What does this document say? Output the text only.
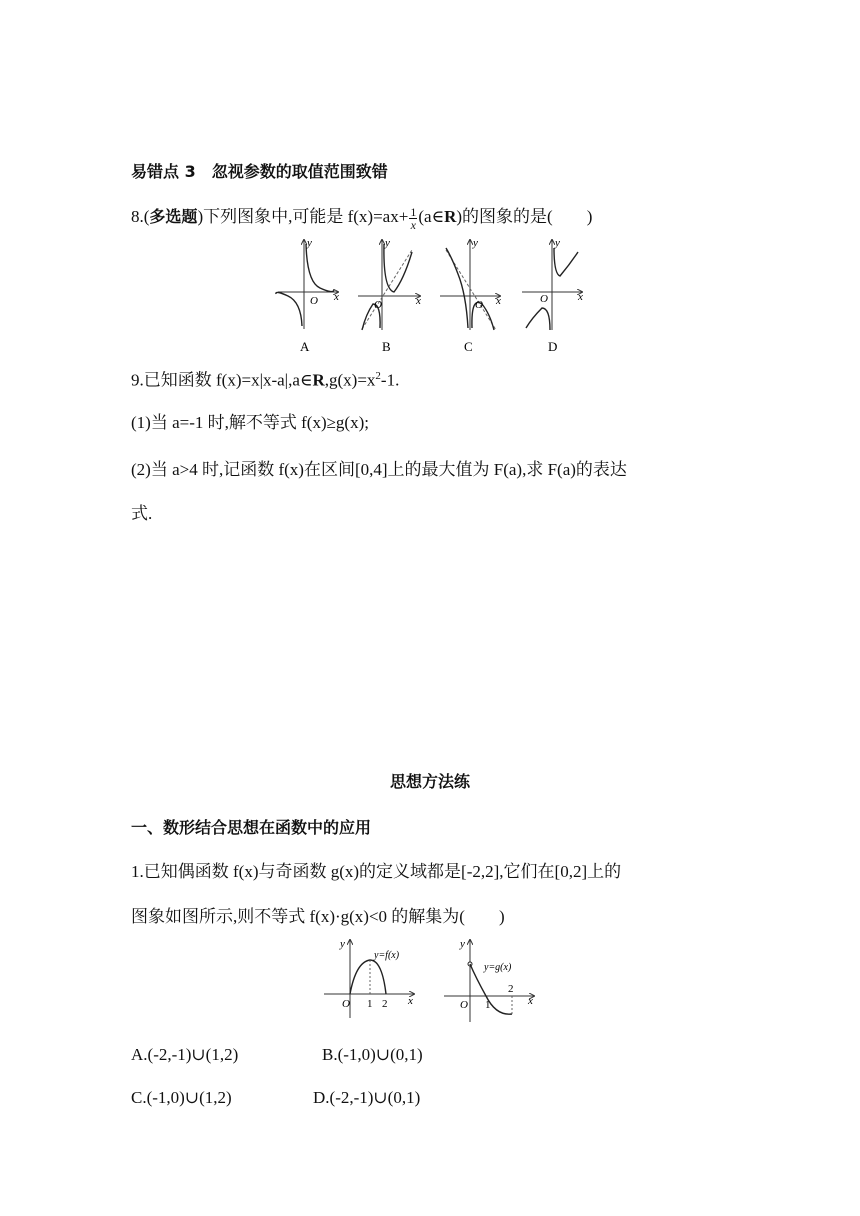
易错点 3　忽视参数的取值范围致错
8.(多选题)下列图象中,可能是 $f(x)=ax+ \frac{1}{x}$ (a∈R)的图象的是(　　)
y
x
O
A
y
x
O
B
y
x
O
C
y
x
O
D
9.已知函数 $f(x)=x|x-a|,a\in R,g(x)=x^2-1$.
(1)当 a=-1 时,解不等式 f(x)≥g(x);
(2)当 a>4 时,记函数 f(x)在区间[0,4]上的最大值为 F(a),求 F(a)的表达
式.
思想方法练
一、数形结合思想在函数中的应用
1.已知偶函数 f(x)与奇函数 g(x)的定义域都是[-2,2],它们在[0,2]上的
图象如图所示,则不等式 f(x)·g(x)<0 的解集为(　　)
y
x
O 1 2
y=f(x)
y
x
O 1
2
y=g(x)
A.(-2,-1)∪(1,2)	B.(-1,0)∪(0,1)
C.(-1,0)∪(1,2)	D.(-2,-1)∪(0,1)
